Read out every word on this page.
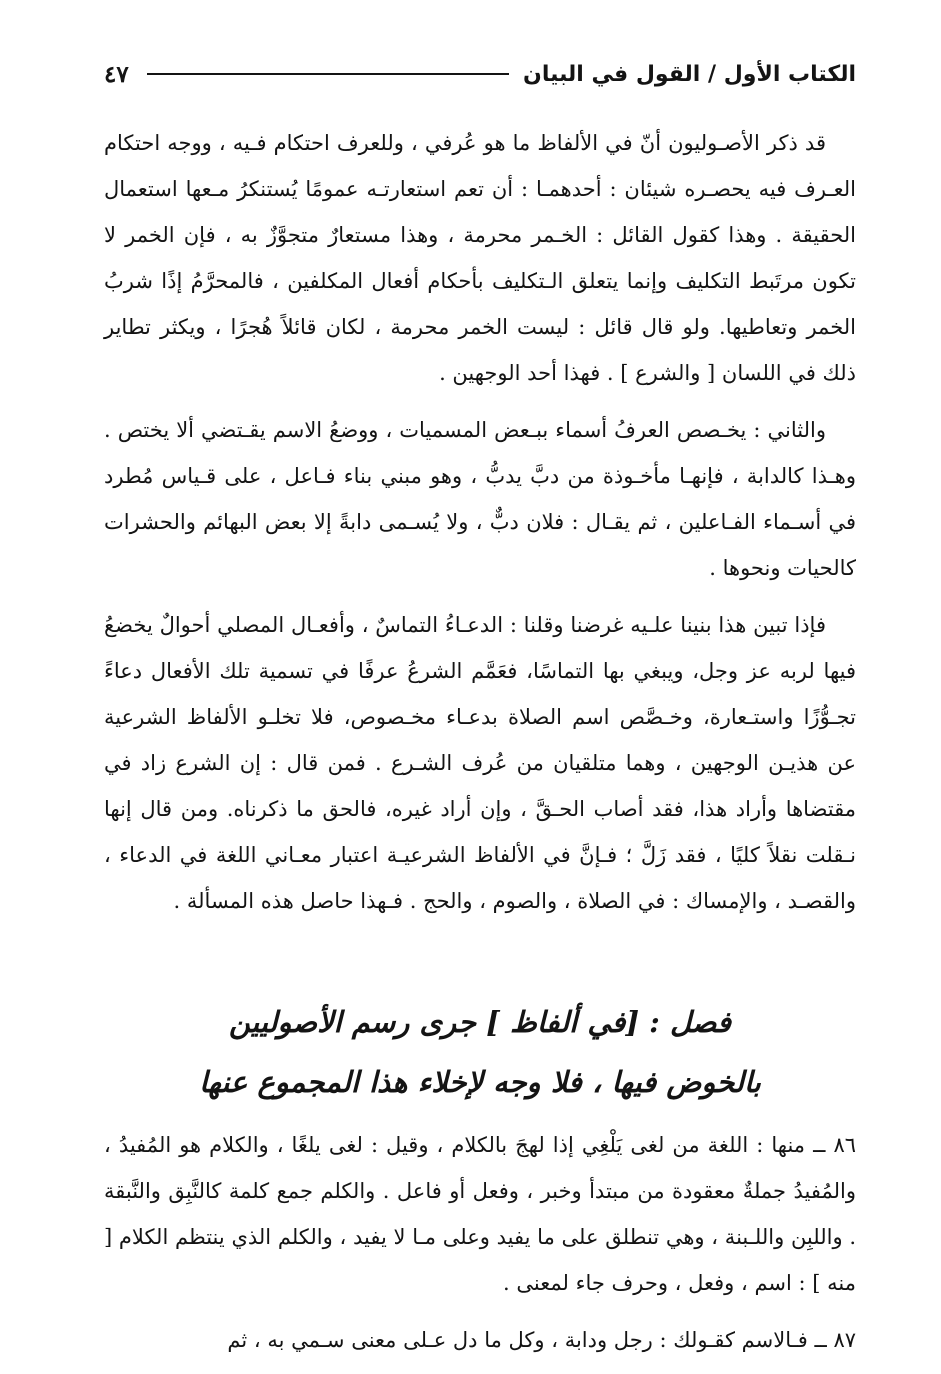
الكتاب الأول / القول في البيان
٤٧

قد ذكر الأصـوليون أنّ في الألفاظ ما هو عُرفي ، وللعرف احتكام فـيه ، ووجه احتكام العـرف فيه يحصـره شيئان : أحدهمـا : أن تعم استعارتـه عمومًا يُستنكرُ مـعها استعمال الحقيقة . وهذا كقول القائل : الخـمر محرمة ، وهذا مستعارٌ متجوَّزٌ به ، فإن الخمر لا تكون مرتَبط التكليف وإنما يتعلق الـتكليف بأحكام أفعال المكلفين ، فالمحرَّمُ إذًا شربُ الخمر وتعاطيها. ولو قال قائل : ليست الخمر محرمة ، لكان قائلاً هُجرًا ، ويكثر تطاير ذلك في اللسان [ والشرع ] . فهذا أحد الوجهين .

والثاني : يخـصص العرفُ أسماء ببـعض المسميات ، ووضعُ الاسم يقـتضي ألا يختص . وهـذا كالدابة ، فإنهـا مأخـوذة من دبَّ يدبُّ ، وهو مبني بناء فـاعل ، على قـياس مُطرد في أسـماء الفـاعلين ، ثم يقـال : فلان دبٌّ ، ولا يُسـمى دابةً إلا بعض البهائم والحشرات كالحيات ونحوها .

فإذا تبين هذا بنينا علـيه غرضنا وقلنا : الدعـاءُ التماسٌ ، وأفعـال المصلي أحوالٌ يخضعُ فيها لربه عز وجل، ويبغي بها التماسًا، فعَمَّم الشرعُ عرفًا في تسمية تلك الأفعال دعاءً تجـوُّزًا واستـعارة، وخـصَّص اسم الصلاة بدعـاء مخـصوص، فلا تخلـو الألفاظ الشرعية عن هذيـن الوجهين ، وهما متلقيان من عُرف الشـرع . فمن قال : إن الشرع زاد في مقتضاها وأراد هذا، فقد أصاب الحـقَّ ، وإن أراد غيره، فالحق ما ذكرناه. ومن قال إنها نـقلت نقلاً كليًا ، فقد زَلَّ ؛ فـإنَّ في الألفاظ الشرعيـة اعتبار معـاني اللغة في الدعاء ، والقصـد ، والإمساك : في الصلاة ، والصوم ، والحج . فـهذا حاصل هذه المسألة .

فصل : [في ألفاظ ] جرى رسم الأصوليين
بالخوض فيها ، فلا وجه لإخلاء هذا المجموع عنها

٨٦ ــ منها : اللغة من لغى يَلْغِي إذا لهجَ بالكلام ، وقيل : لغى يلغًا ، والكلام هو المُفيدُ ، والمُفيدُ جملةٌ معقودة من مبتدأ وخبر ، وفعل أو فاعل . والكلم جمع كلمة كالنَّبِق والنَّبقة . واللبِن واللـبنة ، وهي تنطلق على ما يفيد وعلى مـا لا يفيد ، والكلم الذي ينتظم الكلام [ منه ] : اسم ، وفعل ، وحرف جاء لمعنى .

٨٧ ــ فـالاسم كقـولك : رجل ودابة ، وكل ما دل عـلى معنى سـمي به ، ثم
